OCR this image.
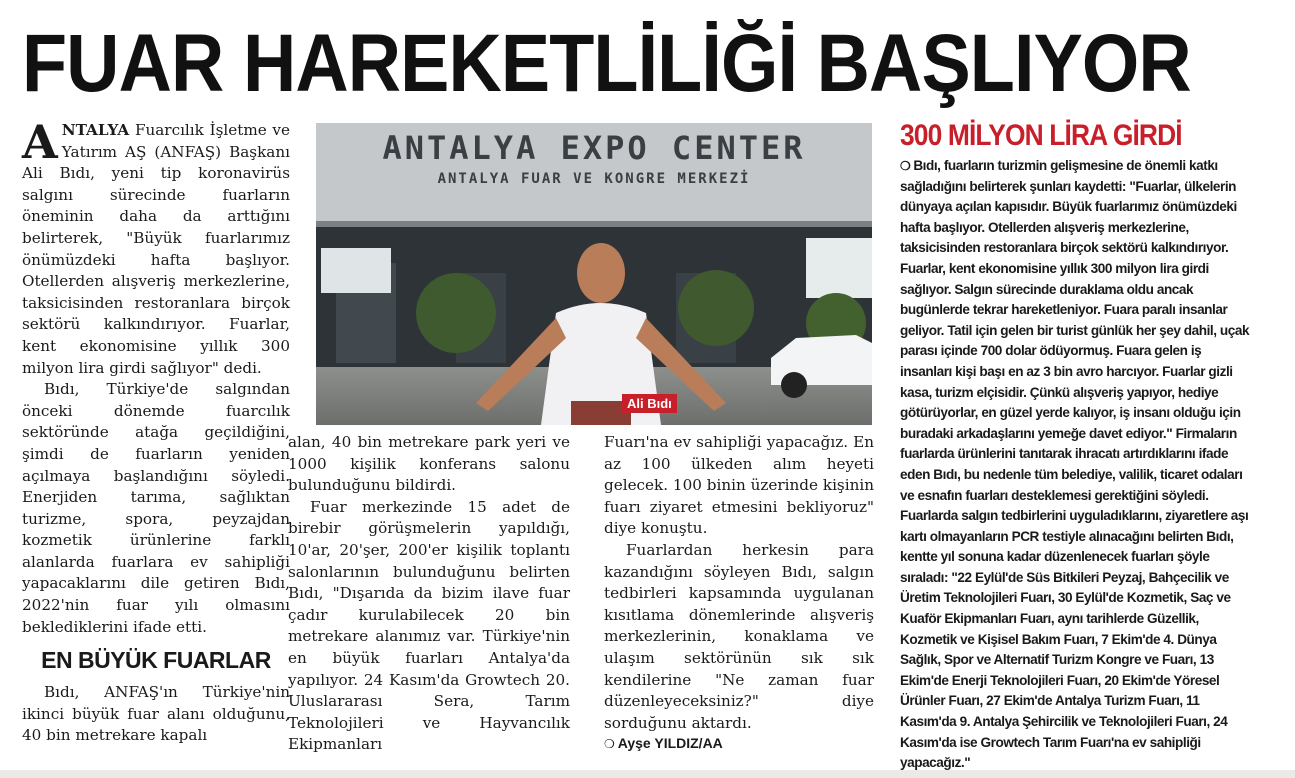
FUAR HAREKETLİLİĞİ BAŞLIYOR

ANTALYA Fuarcılık İşletme ve Yatırım AŞ (ANFAŞ) Başkanı Ali Bıdı, yeni tip koronavirüs salgını sürecinde fuarların öneminin daha da arttığını belirterek, "Büyük fuarlarımız önümüzdeki hafta başlıyor. Otellerden alışveriş merkezlerine, taksicisinden restoranlara birçok sektörü kalkındırıyor. Fuarlar, kent ekonomisine yıllık 300 milyon lira girdi sağlıyor" dedi.

Bıdı, Türkiye'de salgından önceki dönemde fuarcılık sektöründe atağa geçildiğini, şimdi de fuarların yeniden açılmaya başlandığını söyledi. Enerjiden tarıma, sağlıktan turizme, spora, peyzajdan kozmetik ürünlerine farklı alanlarda fuarlara ev sahipliği yapacaklarını dile getiren Bıdı, 2022'nin fuar yılı olmasını beklediklerini ifade etti.

EN BÜYÜK FUARLAR

Bıdı, ANFAŞ'ın Türkiye'nin ikinci büyük fuar alanı olduğunu, 40 bin metrekare kapalı

ANTALYA EXPO CENTER
ANTALYA FUAR VE KONGRE MERKEZİ
Ali Bıdı

alan, 40 bin metrekare park yeri ve 1000 kişilik konferans salonu bulunduğunu bildirdi.

Fuar merkezinde 15 adet de birebir görüşmelerin yapıldığı, 10'ar, 20'şer, 200'er kişilik toplantı salonlarının bulunduğunu belirten Bıdı, "Dışarıda da bizim ilave fuar çadır kurulabilecek 20 bin metrekare alanımız var. Türkiye'nin en büyük fuarları Antalya'da yapılıyor. 24 Kasım'da Growtech 20. Uluslararası Sera, Tarım Teknolojileri ve Hayvancılık Ekipmanları

Fuarı'na ev sahipliği yapacağız. En az 100 ülkeden alım heyeti gelecek. 100 binin üzerinde kişinin fuarı ziyaret etmesini bekliyoruz" diye konuştu.

Fuarlardan herkesin para kazandığını söyleyen Bıdı, salgın tedbirleri kapsamında uygulanan kısıtlama dönemlerinde alışveriş merkezlerinin, konaklama ve ulaşım sektörünün sık sık kendilerine "Ne zaman fuar düzenleyeceksiniz?" diye sorduğunu aktardı.

❍ Ayşe YILDIZ/AA
300 MİLYON LİRA GİRDİ
❍ Bıdı, fuarların turizmin gelişmesine de önemli katkı sağladığını belirterek şunları kaydetti: "Fuarlar, ülkelerin dünyaya açılan kapısıdır. Büyük fuarlarımız önümüzdeki hafta başlıyor. Otellerden alışveriş merkezlerine, taksicisinden restoranlara birçok sektörü kalkındırıyor. Fuarlar, kent ekonomisine yıllık 300 milyon lira girdi sağlıyor. Salgın sürecinde duraklama oldu ancak bugünlerde tekrar hareketleniyor. Fuara paralı insanlar geliyor. Tatil için gelen bir turist günlük her şey dahil, uçak parası içinde 700 dolar ödüyormuş. Fuara gelen iş insanları kişi başı en az 3 bin avro harcıyor. Fuarlar gizli kasa, turizm elçisidir. Çünkü alışveriş yapıyor, hediye götürüyorlar, en güzel yerde kalıyor, iş insanı olduğu için buradaki arkadaşlarını yemeğe davet ediyor." Firmaların fuarlarda ürünlerini tanıtarak ihracatı artırdıklarını ifade eden Bıdı, bu nedenle tüm belediye, valilik, ticaret odaları ve esnafın fuarları desteklemesi gerektiğini söyledi. Fuarlarda salgın tedbirlerini uyguladıklarını, ziyaretlere aşı kartı olmayanların PCR testiyle alınacağını belirten Bıdı, kentte yıl sonuna kadar düzenlenecek fuarları şöyle sıraladı: "22 Eylül'de Süs Bitkileri Peyzaj, Bahçecilik ve Üretim Teknolojileri Fuarı, 30 Eylül'de Kozmetik, Saç ve Kuaför Ekipmanları Fuarı, aynı tarihlerde Güzellik, Kozmetik ve Kişisel Bakım Fuarı, 7 Ekim'de 4. Dünya Sağlık, Spor ve Alternatif Turizm Kongre ve Fuarı, 13 Ekim'de Enerji Teknolojileri Fuarı, 20 Ekim'de Yöresel Ürünler Fuarı, 27 Ekim'de Antalya Turizm Fuarı, 11 Kasım'da 9. Antalya Şehircilik ve Teknolojileri Fuarı, 24 Kasım'da ise Growtech Tarım Fuarı'na ev sahipliği yapacağız."
